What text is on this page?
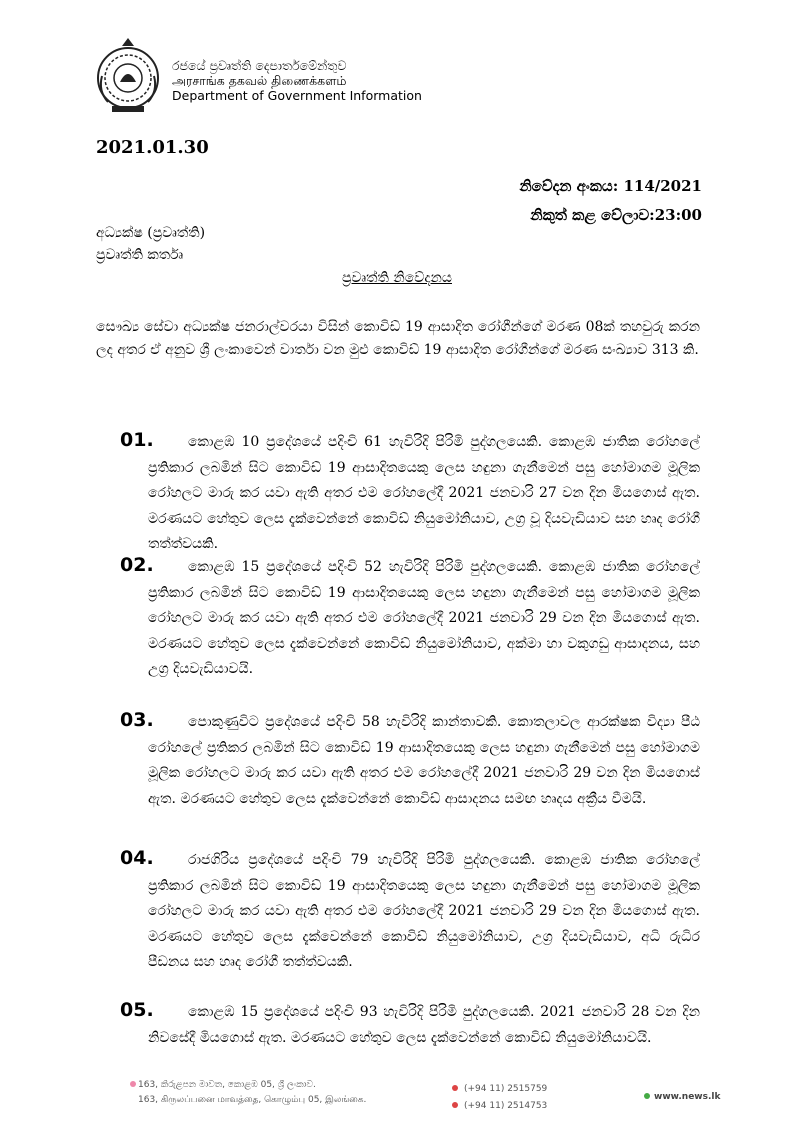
රජයේ ප්‍රවෘත්ති දෙපාර්තමේන්තුව
அரசாங்க தகவல் திணைக்களம்
Department of Government Information
2021.01.30
නිවේදන අංකය: 114/2021
නිකුත් කළ වේලාව:23:00
අධ්‍යක්ෂ (ප්‍රවෘත්ති)
ප්‍රවෘත්ති කර්තෘ
ප්‍රවෘත්ති නිවේදනය
සෞඛ්‍ය සේවා අධ්‍යක්ෂ ජනරාල්වරයා විසින් කොවිඩ් 19 ආසාදිත රෝගීන්ගේ මරණ 08ක් තහවුරු කරන ලද අතර ඒ අනුව ශ්‍රී ලංකාවෙන් වාර්තා වන මුළු කොවිඩ් 19 ආසාදිත රෝගීන්ගේ මරණ සංඛ්‍යාව 313 කි.
01.	කොළඹ 10 ප්‍රදේශයේ පදිංචි 61 හැවිරිදි පිරිමි පුද්ගලයෙකි. කොළඹ ජාතික රෝහලේ ප්‍රතිකාර ලබමින් සිට කොවිඩ් 19 ආසාදිතයෙකු ලෙස හඳුනා ගැනීමෙන් පසු හෝමාගම මූලික රෝහලට මාරු කර යවා ඇති අතර එම රෝහලේදී 2021 ජනවාරි 27 වන දින මියගොස් ඇත. මරණයට හේතුව ලෙස දැක්වෙන්නේ කොවිඩ් නියුමෝනියාව, උග්‍ර වූ දියවැඩියාව සහ හෘද රෝගී තත්ත්වයකි.
02.	කොළඹ 15 ප්‍රදේශයේ පදිංචි 52 හැවිරිදි පිරිමි පුද්ගලයෙකි. කොළඹ ජාතික රෝහලේ ප්‍රතිකාර ලබමින් සිට කොවිඩ් 19 ආසාදිතයෙකු ලෙස හඳුනා ගැනීමෙන් පසු හෝමාගම මූලික රෝහලට මාරු කර යවා ඇති අතර එම රෝහලේදී 2021 ජනවාරි 29 වන දින මියගොස් ඇත. මරණයට හේතුව ලෙස දැක්වෙන්නේ කොවිඩ් නියුමෝනියාව, අක්මා හා වකුගඩු ආසාදනය, සහ උග්‍ර දියවැඩියාවයි.
03.	පොකුණුවිට ප්‍රදේශයේ පදිංචි 58 හැවිරිදි කාන්තාවකි. කොතලාවල ආරක්ෂක විද්‍යා පීඨ රෝහලේ ප්‍රතිකර ලබමින් සිට කොවිඩ් 19 ආසාදිතයෙකු ලෙස හඳුනා ගැනීමෙන් පසු හෝමාගම මූලික රෝහලට මාරු කර යවා ඇති අතර එම රෝහලේදී 2021 ජනවාරි 29 වන දින මියගොස් ඇත. මරණයට හේතුව ලෙස දැක්වෙන්නේ කොවිඩ් ආසාදනය සමඟ හෘදය අක්‍රීය වීමයි.
04.	රාජගිරිය ප්‍රදේශයේ පදිංචි 79 හැවිරිදි පිරිමි පුද්ගලයෙකි. කොළඹ ජාතික රෝහලේ ප්‍රතිකාර ලබමින් සිට කොවිඩ් 19 ආසාදිතයෙකු ලෙස හඳුනා ගැනීමෙන් පසු හෝමාගම මූලික රෝහලට මාරු කර යවා ඇති අතර එම රෝහලේදී 2021 ජනවාරි 29 වන දින මියගොස් ඇත. මරණයට හේතුව ලෙස දැක්වෙන්නේ කොවිඩ් නියුමෝනියාව, උග්‍ර දියවැඩියාව, අධි රුධිර පීඩනය සහ හෘද රෝගී තත්ත්වයකි.
05.	කොළඹ 15 ප්‍රදේශයේ පදිංචි 93 හැවිරිදි පිරිමි පුද්ගලයෙකි. 2021 ජනවාරි 28 වන දින නිවසේදී මියගොස් ඇත. මරණයට හේතුව ලෙස දැක්වෙන්නේ කොවිඩ් නියුමෝනියාවයි.
163, කිරුළපන මාවත, කොළඹ 05, ශ්‍රී ලංකාව.
163, கிருலப்பனை மாவத்தை, கொழும்பு 05, இலங்கை.
(+94 11) 2515759
(+94 11) 2514753
www.news.lk
